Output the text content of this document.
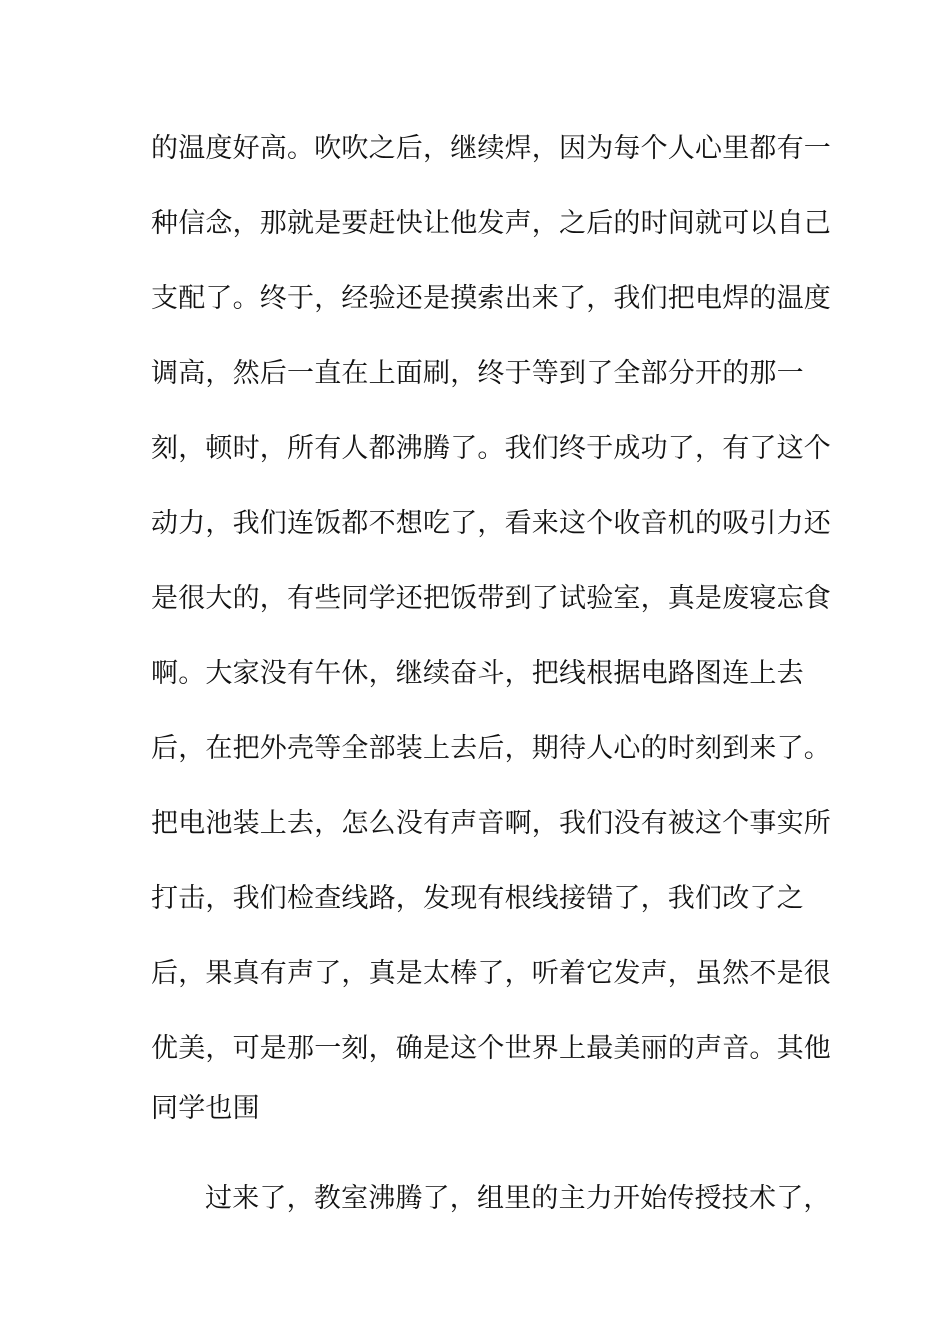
的温度好高。吹吹之后，继续焊，因为每个人心里都有一
种信念，那就是要赶快让他发声，之后的时间就可以自己
支配了。终于，经验还是摸索出来了，我们把电焊的温度
调高，然后一直在上面刷，终于等到了全部分开的那一
刻，顿时，所有人都沸腾了。我们终于成功了，有了这个
动力，我们连饭都不想吃了，看来这个收音机的吸引力还
是很大的，有些同学还把饭带到了试验室，真是废寝忘食
啊。大家没有午休，继续奋斗，把线根据电路图连上去
后，在把外壳等全部装上去后，期待人心的时刻到来了。
把电池装上去，怎么没有声音啊，我们没有被这个事实所
打击，我们检查线路，发现有根线接错了，我们改了之
后，果真有声了，真是太棒了，听着它发声，虽然不是很
优美，可是那一刻，确是这个世界上最美丽的声音。其他
同学也围
过来了，教室沸腾了，组里的主力开始传授技术了，
